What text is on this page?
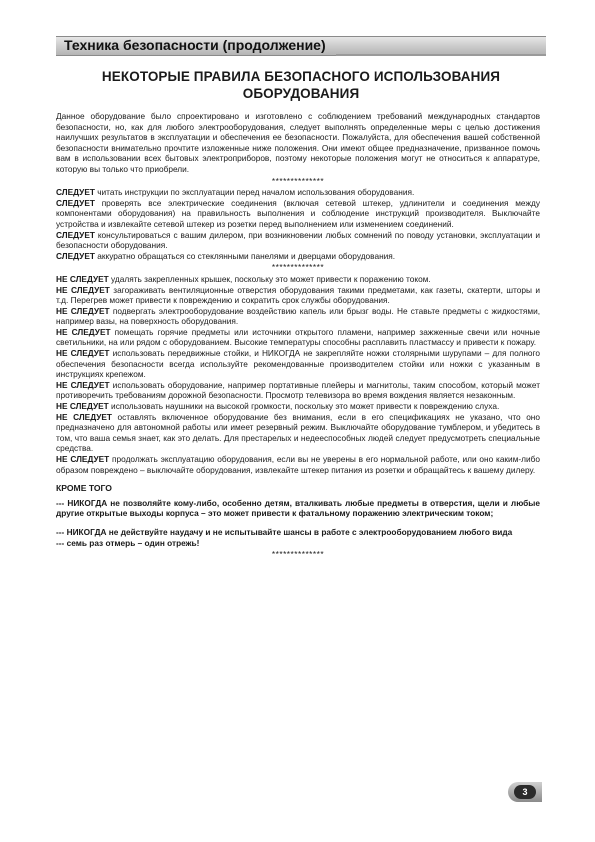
Техника безопасности (продолжение)
НЕКОТОРЫЕ ПРАВИЛА БЕЗОПАСНОГО ИСПОЛЬЗОВАНИЯ
ОБОРУДОВАНИЯ

Данное оборудование было спроектировано и изготовлено с соблюдением требований международных стандартов безопасности, но, как для любого электрооборудования, следует выполнять определенные меры с целью достижения наилучших результатов в эксплуатации и обеспечения ее безопасности. Пожалуйста, для обеспечения вашей собственной безопасности внимательно прочтите изложенные ниже положения. Они имеют общее предназначение, призванное помочь вам в использовании всех бытовых электроприборов, поэтому некоторые положения могут не относиться к аппаратуре, которую вы только что приобрели.

**************

СЛЕДУЕТ читать инструкции по эксплуатации перед началом использования оборудования.

СЛЕДУЕТ проверять все электрические соединения (включая сетевой штекер, удлинители и соединения между компонентами оборудования) на правильность выполнения и соблюдение инструкций производителя. Выключайте устройства и извлекайте сетевой штекер из розетки перед выполнением или изменением соединений.

СЛЕДУЕТ консультироваться с вашим дилером, при возникновении любых сомнений по поводу установки, эксплуатации и безопасности оборудования.

СЛЕДУЕТ аккуратно обращаться со стеклянными панелями и дверцами оборудования.

**************

НЕ СЛЕДУЕТ удалять закрепленных крышек, поскольку это может привести к поражению током.

НЕ СЛЕДУЕТ загораживать вентиляционные отверстия оборудования такими предметами, как газеты, скатерти, шторы и т.д. Перегрев может привести к повреждению и сократить срок службы оборудования.

НЕ СЛЕДУЕТ подвергать электрооборудование воздействию капель или брызг воды. Не ставьте предметы с жидкостями, например вазы, на поверхность оборудования.

НЕ СЛЕДУЕТ помещать горячие предметы или источники открытого пламени, например зажженные свечи или ночные светильники, на или рядом с оборудованием. Высокие температуры способны расплавить пластмассу и привести к пожару.

НЕ СЛЕДУЕТ использовать передвижные стойки, и НИКОГДА не закрепляйте ножки столярными шурупами – для полного обеспечения безопасности всегда используйте рекомендованные производителем стойки или ножки с указанным в инструкциях крепежом.

НЕ СЛЕДУЕТ использовать оборудование, например портативные плейеры и магнитолы, таким способом, который может противоречить требованиям дорожной безопасности. Просмотр телевизора во время вождения является незаконным.

НЕ СЛЕДУЕТ использовать наушники на высокой громкости, поскольку это может привести к повреждению слуха.

НЕ СЛЕДУЕТ оставлять включенное оборудование без внимания, если в его спецификациях не указано, что оно предназначено для автономной работы или имеет резервный режим. Выключайте оборудование тумблером, и убедитесь в том, что ваша семья знает, как это делать. Для престарелых и недееспособных людей следует предусмотреть специальные средства.

НЕ СЛЕДУЕТ продолжать эксплуатацию оборудования, если вы не уверены в его нормальной работе, или оно каким-либо образом повреждено – выключайте оборудования, извлекайте штекер питания из розетки и обращайтесь к вашему дилеру.

КРОМЕ ТОГО

--- НИКОГДА не позволяйте кому-либо, особенно детям, вталкивать любые предметы в отверстия, щели и любые другие открытые выходы корпуса – это может привести к фатальному поражению электрическим током;

--- НИКОГДА не действуйте наудачу и не испытывайте шансы в работе с электрооборудованием любого вида

--- семь раз отмерь – один отрежь!

**************

3
